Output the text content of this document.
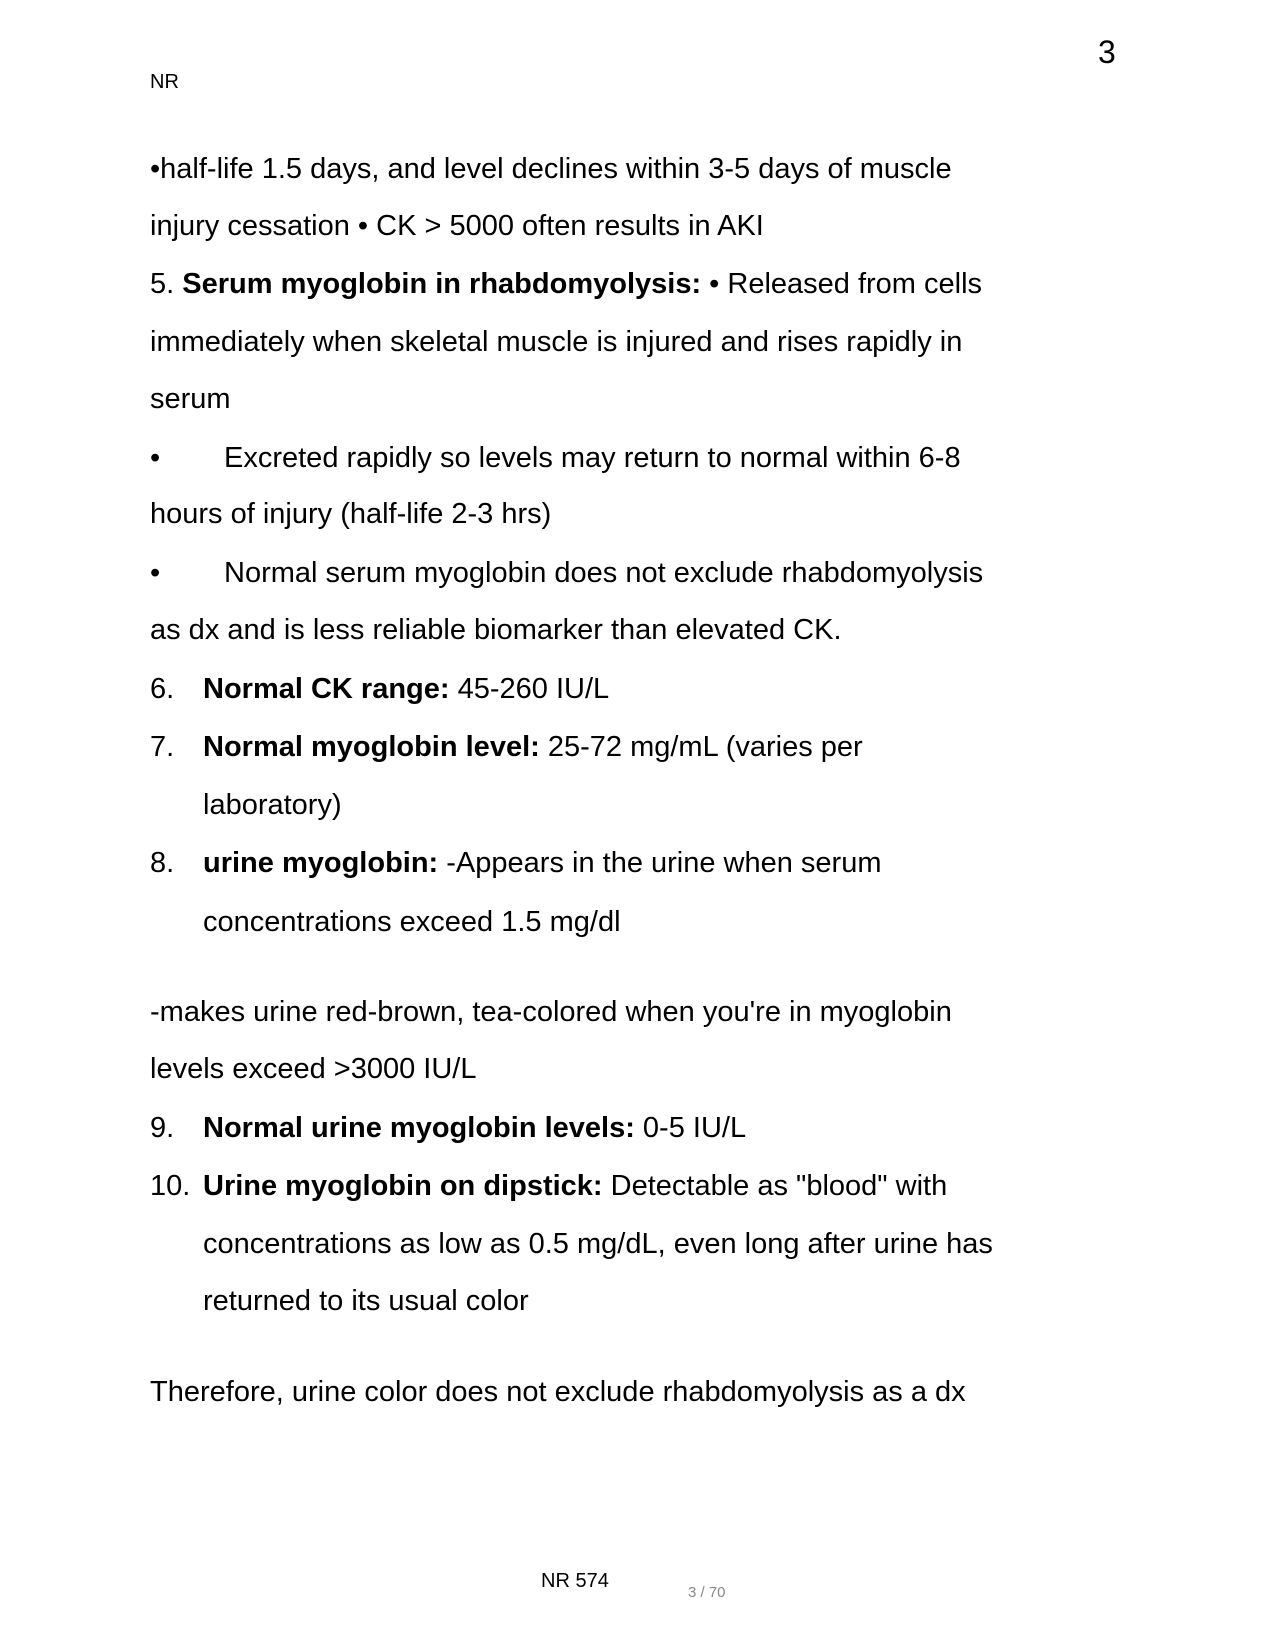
NR
3
•half-life 1.5 days, and level declines within 3-5 days of muscle
injury cessation • CK > 5000 often results in AKI
5. Serum myoglobin in rhabdomyolysis: • Released from cells
immediately when skeletal muscle is injured and rises rapidly in
serum
• Excreted rapidly so levels may return to normal within 6-8
hours of injury (half-life 2-3 hrs)
• Normal serum myoglobin does not exclude rhabdomyolysis
as dx and is less reliable biomarker than elevated CK.
6. Normal CK range: 45-260 IU/L
7. Normal myoglobin level: 25-72 mg/mL (varies per
laboratory)
8. urine myoglobin: -Appears in the urine when serum
concentrations exceed 1.5 mg/dl
-makes urine red-brown, tea-colored when you're in myoglobin
levels exceed >3000 IU/L
9. Normal urine myoglobin levels: 0-5 IU/L
10. Urine myoglobin on dipstick: Detectable as "blood" with
concentrations as low as 0.5 mg/dL, even long after urine has
returned to its usual color
Therefore, urine color does not exclude rhabdomyolysis as a dx
NR 574
3 / 70
